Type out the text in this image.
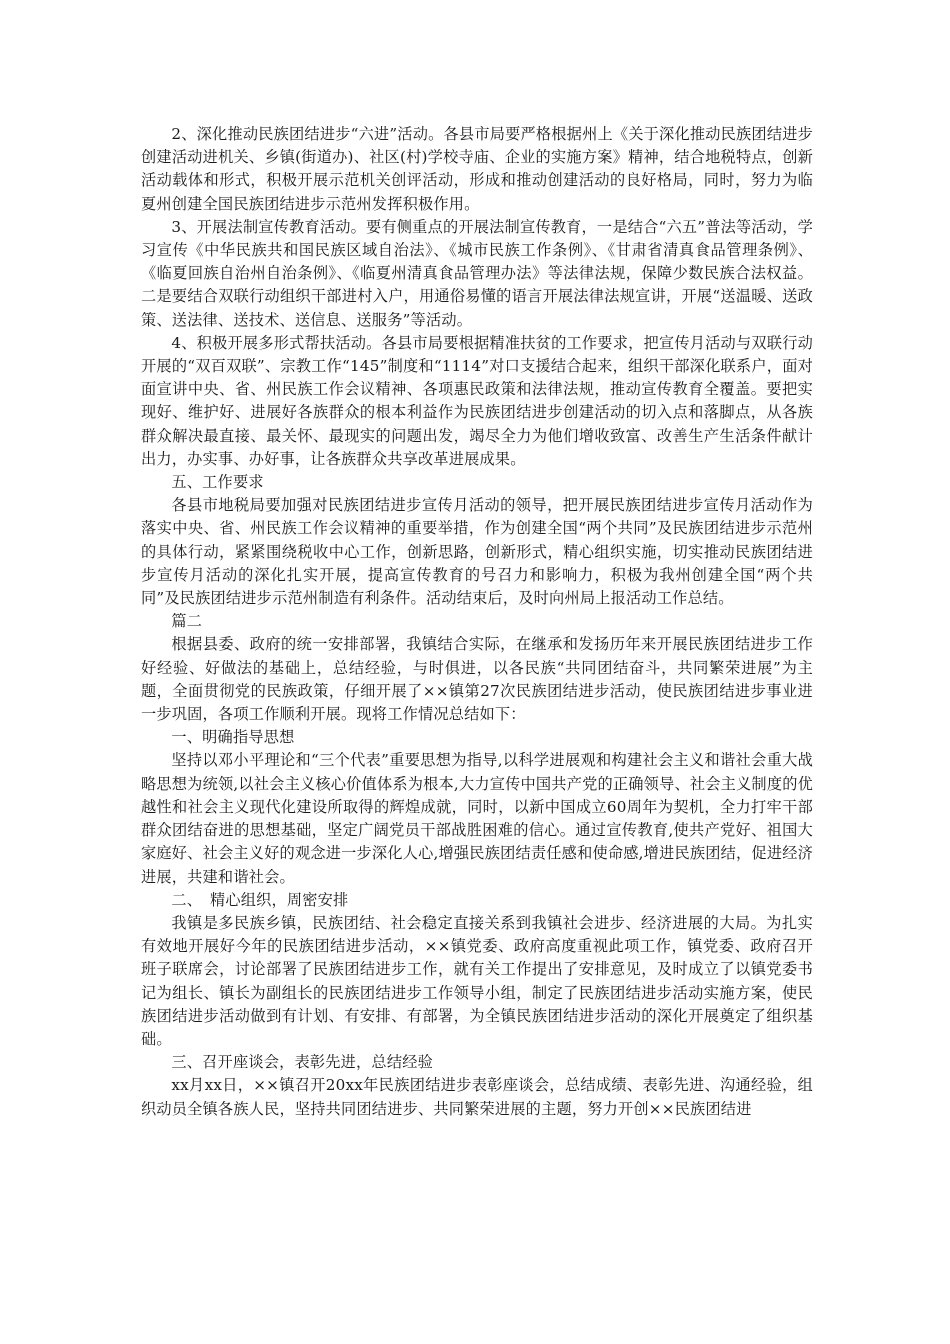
2、深化推动民族团结进步“六进”活动。各县市局要严格根据州上《关于深化推动民族团结进步创建活动进机关、乡镇(街道办)、社区(村)学校寺庙、企业的实施方案》精神，结合地税特点，创新活动载体和形式，积极开展示范机关创评活动，形成和推动创建活动的良好格局，同时，努力为临夏州创建全国民族团结进步示范州发挥积极作用。

3、开展法制宣传教育活动。要有侧重点的开展法制宣传教育，一是结合“六五”普法等活动，学习宣传《中华民族共和国民族区域自治法》、《城市民族工作条例》、《甘肃省清真食品管理条例》、《临夏回族自治州自治条例》、《临夏州清真食品管理办法》等法律法规，保障少数民族合法权益。二是要结合双联行动组织干部进村入户，用通俗易懂的语言开展法律法规宣讲，开展“送温暖、送政策、送法律、送技术、送信息、送服务”等活动。

4、积极开展多形式帮扶活动。各县市局要根据精准扶贫的工作要求，把宣传月活动与双联行动开展的“双百双联”、宗教工作“145”制度和“1114”对口支援结合起来，组织干部深化联系户，面对面宣讲中央、省、州民族工作会议精神、各项惠民政策和法律法规，推动宣传教育全覆盖。要把实现好、维护好、进展好各族群众的根本利益作为民族团结进步创建活动的切入点和落脚点，从各族群众解决最直接、最关怀、最现实的问题出发，竭尽全力为他们增收致富、改善生产生活条件献计出力，办实事、办好事，让各族群众共享改革进展成果。

五、工作要求

各县市地税局要加强对民族团结进步宣传月活动的领导，把开展民族团结进步宣传月活动作为落实中央、省、州民族工作会议精神的重要举措，作为创建全国“两个共同”及民族团结进步示范州的具体行动，紧紧围绕税收中心工作，创新思路，创新形式，精心组织实施，切实推动民族团结进步宣传月活动的深化扎实开展，提高宣传教育的号召力和影响力，积极为我州创建全国“两个共同”及民族团结进步示范州制造有利条件。活动结束后，及时向州局上报活动工作总结。

篇二

根据县委、政府的统一安排部署，我镇结合实际，在继承和发扬历年来开展民族团结进步工作好经验、好做法的基础上，总结经验，与时俱进，以各民族“共同团结奋斗，共同繁荣进展”为主题，全面贯彻党的民族政策，仔细开展了××镇第27次民族团结进步活动，使民族团结进步事业进一步巩固，各项工作顺利开展。现将工作情况总结如下：

一、明确指导思想

坚持以邓小平理论和“三个代表”重要思想为指导,以科学进展观和构建社会主义和谐社会重大战略思想为统领,以社会主义核心价值体系为根本,大力宣传中国共产党的正确领导、社会主义制度的优越性和社会主义现代化建设所取得的辉煌成就，同时，以新中国成立60周年为契机，全力打牢干部群众团结奋进的思想基础，坚定广阔党员干部战胜困难的信心。通过宣传教育,使共产党好、祖国大家庭好、社会主义好的观念进一步深化人心,增强民族团结责任感和使命感,增进民族团结，促进经济进展，共建和谐社会。

二、　精心组织，周密安排

我镇是多民族乡镇，民族团结、社会稳定直接关系到我镇社会进步、经济进展的大局。为扎实有效地开展好今年的民族团结进步活动，××镇党委、政府高度重视此项工作，镇党委、政府召开班子联席会，讨论部署了民族团结进步工作，就有关工作提出了安排意见，及时成立了以镇党委书记为组长、镇长为副组长的民族团结进步工作领导小组，制定了民族团结进步活动实施方案，使民族团结进步活动做到有计划、有安排、有部署，为全镇民族团结进步活动的深化开展奠定了组织基础。

三、召开座谈会，表彰先进，总结经验

xx月xx日，××镇召开20xx年民族团结进步表彰座谈会，总结成绩、表彰先进、沟通经验，组织动员全镇各族人民，坚持共同团结进步、共同繁荣进展的主题，努力开创××民族团结进
